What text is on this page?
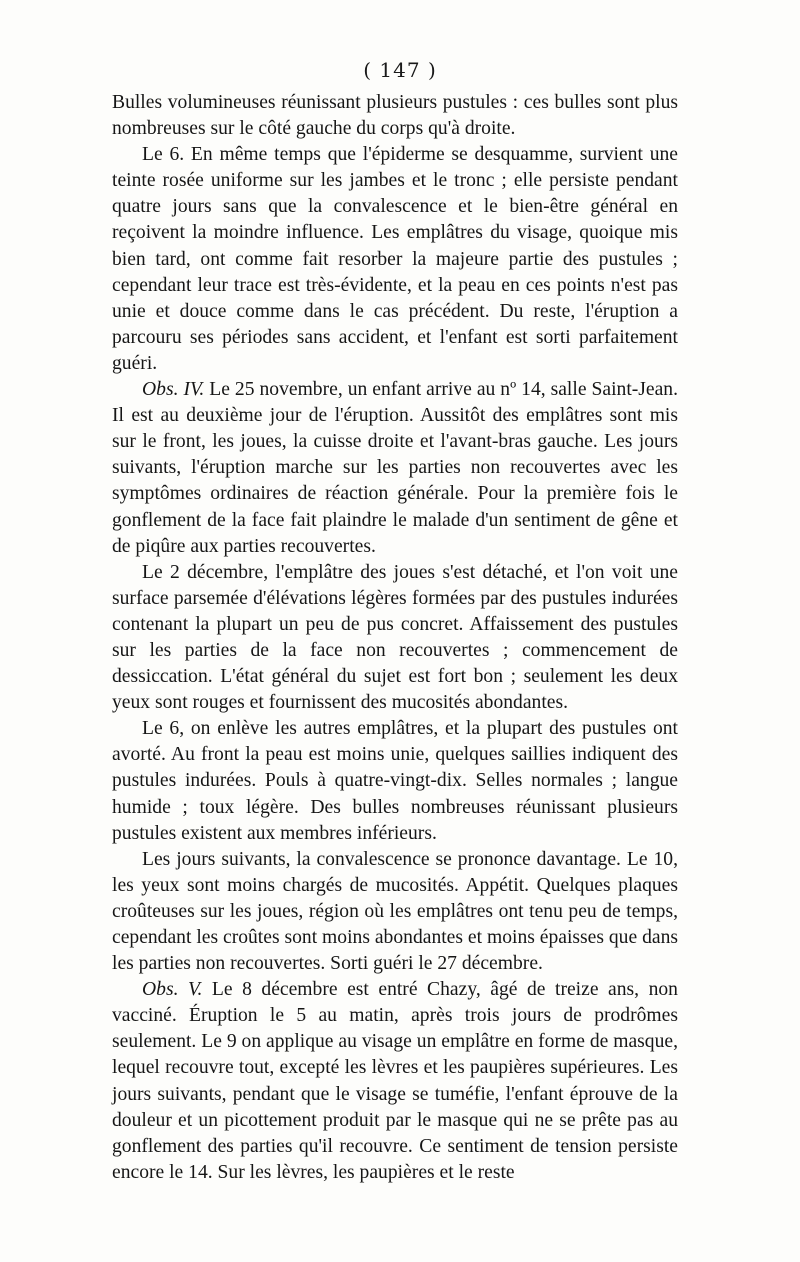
( 147 )

Bulles volumineuses réunissant plusieurs pustules : ces bulles sont plus nombreuses sur le côté gauche du corps qu'à droite.

Le 6. En même temps que l'épiderme se desquamme, survient une teinte rosée uniforme sur les jambes et le tronc ; elle persiste pendant quatre jours sans que la convalescence et le bien-être général en reçoivent la moindre influence. Les emplâtres du visage, quoique mis bien tard, ont comme fait resorber la majeure partie des pustules ; cependant leur trace est très-évidente, et la peau en ces points n'est pas unie et douce comme dans le cas précédent. Du reste, l'éruption a parcouru ses périodes sans accident, et l'enfant est sorti parfaitement guéri.

Obs. IV. Le 25 novembre, un enfant arrive au nº 14, salle Saint-Jean. Il est au deuxième jour de l'éruption. Aussitôt des emplâtres sont mis sur le front, les joues, la cuisse droite et l'avant-bras gauche. Les jours suivants, l'éruption marche sur les parties non recouvertes avec les symptômes ordinaires de réaction générale. Pour la première fois le gonflement de la face fait plaindre le malade d'un sentiment de gêne et de piqûre aux parties recouvertes.

Le 2 décembre, l'emplâtre des joues s'est détaché, et l'on voit une surface parsemée d'élévations légères formées par des pustules indurées contenant la plupart un peu de pus concret. Affaissement des pustules sur les parties de la face non recouvertes ; commencement de dessiccation. L'état général du sujet est fort bon ; seulement les deux yeux sont rouges et fournissent des mucosités abondantes.

Le 6, on enlève les autres emplâtres, et la plupart des pustules ont avorté. Au front la peau est moins unie, quelques saillies indiquent des pustules indurées. Pouls à quatre-vingt-dix. Selles normales ; langue humide ; toux légère. Des bulles nombreuses réunissant plusieurs pustules existent aux membres inférieurs.

Les jours suivants, la convalescence se prononce davantage. Le 10, les yeux sont moins chargés de mucosités. Appétit. Quelques plaques croûteuses sur les joues, région où les emplâtres ont tenu peu de temps, cependant les croûtes sont moins abondantes et moins épaisses que dans les parties non recouvertes. Sorti guéri le 27 décembre.

Obs. V. Le 8 décembre est entré Chazy, âgé de treize ans, non vacciné. Éruption le 5 au matin, après trois jours de prodrômes seulement. Le 9 on applique au visage un emplâtre en forme de masque, lequel recouvre tout, excepté les lèvres et les paupières supérieures. Les jours suivants, pendant que le visage se tuméfie, l'enfant éprouve de la douleur et un picottement produit par le masque qui ne se prête pas au gonflement des parties qu'il recouvre. Ce sentiment de tension persiste encore le 14. Sur les lèvres, les paupières et le reste
